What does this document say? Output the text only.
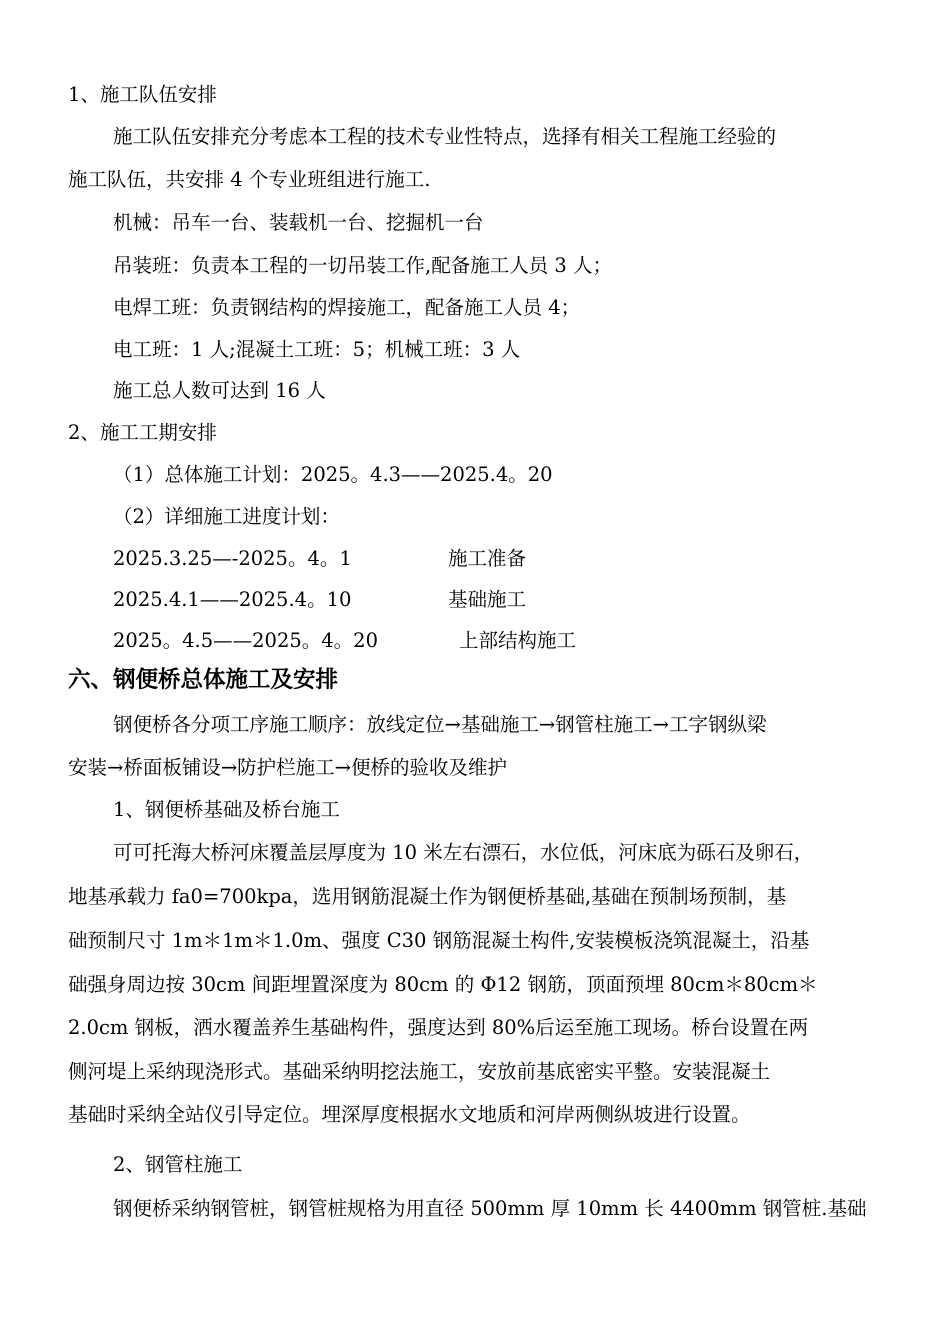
1、施工队伍安排
施工队伍安排充分考虑本工程的技术专业性特点，选择有相关工程施工经验的
施工队伍，共安排 4 个专业班组进行施工.
机械：吊车一台、装载机一台、挖掘机一台
吊装班：负责本工程的一切吊装工作,配备施工人员 3 人；
电焊工班：负责钢结构的焊接施工，配备施工人员 4；
电工班：1 人;混凝土工班：5；机械工班：3 人
施工总人数可达到 16 人
2、施工工期安排
（1）总体施工计划：2025。4.3——2025.4。20
（2）详细施工进度计划：
2025.3.25—-2025。4。1	施工准备
2025.4.1——2025.4。10	基础施工
2025。4.5——2025。4。20	上部结构施工
六、钢便桥总体施工及安排
钢便桥各分项工序施工顺序：放线定位→基础施工→钢管柱施工→工字钢纵梁
安装→桥面板铺设→防护栏施工→便桥的验收及维护
1、钢便桥基础及桥台施工
可可托海大桥河床覆盖层厚度为 10 米左右漂石，水位低，河床底为砾石及卵石，
地基承载力 fa0=700kpa，选用钢筋混凝土作为钢便桥基础,基础在预制场预制，基
础预制尺寸 1m＊1m＊1.0m、强度 C30 钢筋混凝土构件,安装模板浇筑混凝土，沿基
础强身周边按 30cm 间距埋置深度为 80cm 的 Φ12 钢筋，顶面预埋 80cm＊80cm＊
2.0cm 钢板，洒水覆盖养生基础构件，强度达到 80%后运至施工现场。桥台设置在两
侧河堤上采纳现浇形式。基础采纳明挖法施工，安放前基底密实平整。安装混凝土
基础时采纳全站仪引导定位。埋深厚度根据水文地质和河岸两侧纵坡进行设置。
2、钢管柱施工
钢便桥采纳钢管桩，钢管桩规格为用直径 500mm 厚 10mm 长 4400mm 钢管桩.基础
